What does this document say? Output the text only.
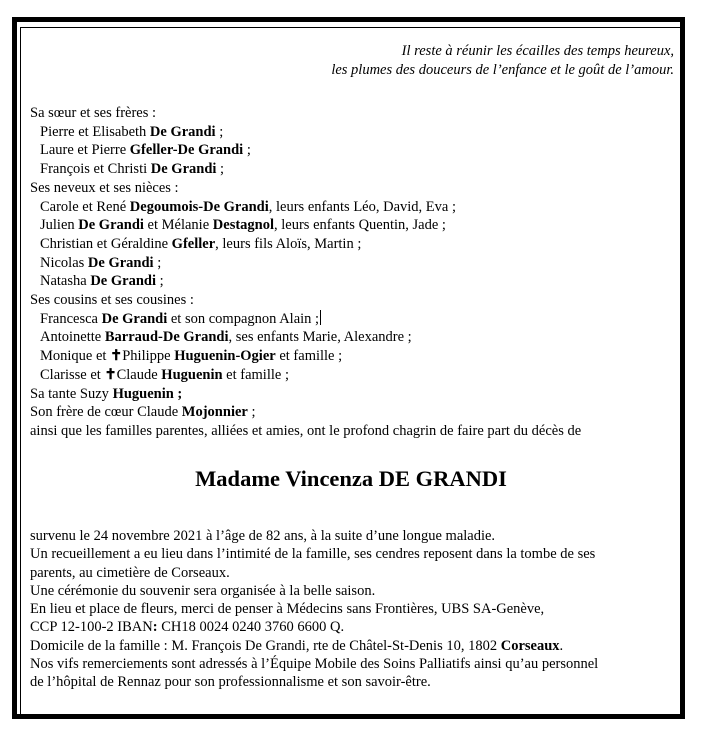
Il reste à réunir les écailles des temps heureux,
les plumes des douceurs de l’enfance et le goût de l’amour.
Sa sœur et ses frères :
Pierre et Elisabeth De Grandi ;
Laure et Pierre Gfeller-De Grandi ;
François et Christi De Grandi ;
Ses neveux et ses nièces :
Carole et René Degoumois-De Grandi, leurs enfants Léo, David, Eva ;
Julien De Grandi et Mélanie Destagnol, leurs enfants Quentin, Jade ;
Christian et Géraldine Gfeller, leurs fils Aloïs, Martin ;
Nicolas De Grandi ;
Natasha De Grandi ;
Ses cousins et ses cousines :
Francesca De Grandi et son compagnon Alain ;
Antoinette Barraud-De Grandi, ses enfants Marie, Alexandre ;
Monique et ✝Philippe Huguenin-Ogier et famille ;
Clarisse et ✝Claude Huguenin et famille ;
Sa tante Suzy Huguenin ;
Son frère de cœur Claude Mojonnier ;
ainsi que les familles parentes, alliées et amies, ont le profond chagrin de faire part du décès de
Madame Vincenza DE GRANDI
survenu le 24 novembre 2021 à l’âge de 82 ans, à la suite d’une longue maladie.
Un recueillement a eu lieu dans l’intimité de la famille, ses cendres reposent dans la tombe de ses
parents, au cimetière de Corseaux.
Une cérémonie du souvenir sera organisée à la belle saison.
En lieu et place de fleurs, merci de penser à Médecins sans Frontières, UBS SA-Genève,
CCP 12-100-2 IBAN: CH18 0024 0240 3760 6600 Q.
Domicile de la famille : M. François De Grandi, rte de Châtel-St-Denis 10, 1802 Corseaux.
Nos vifs remerciements sont adressés à l’Équipe Mobile des Soins Palliatifs ainsi qu’au personnel
de l’hôpital de Rennaz pour son professionnalisme et son savoir-être.
